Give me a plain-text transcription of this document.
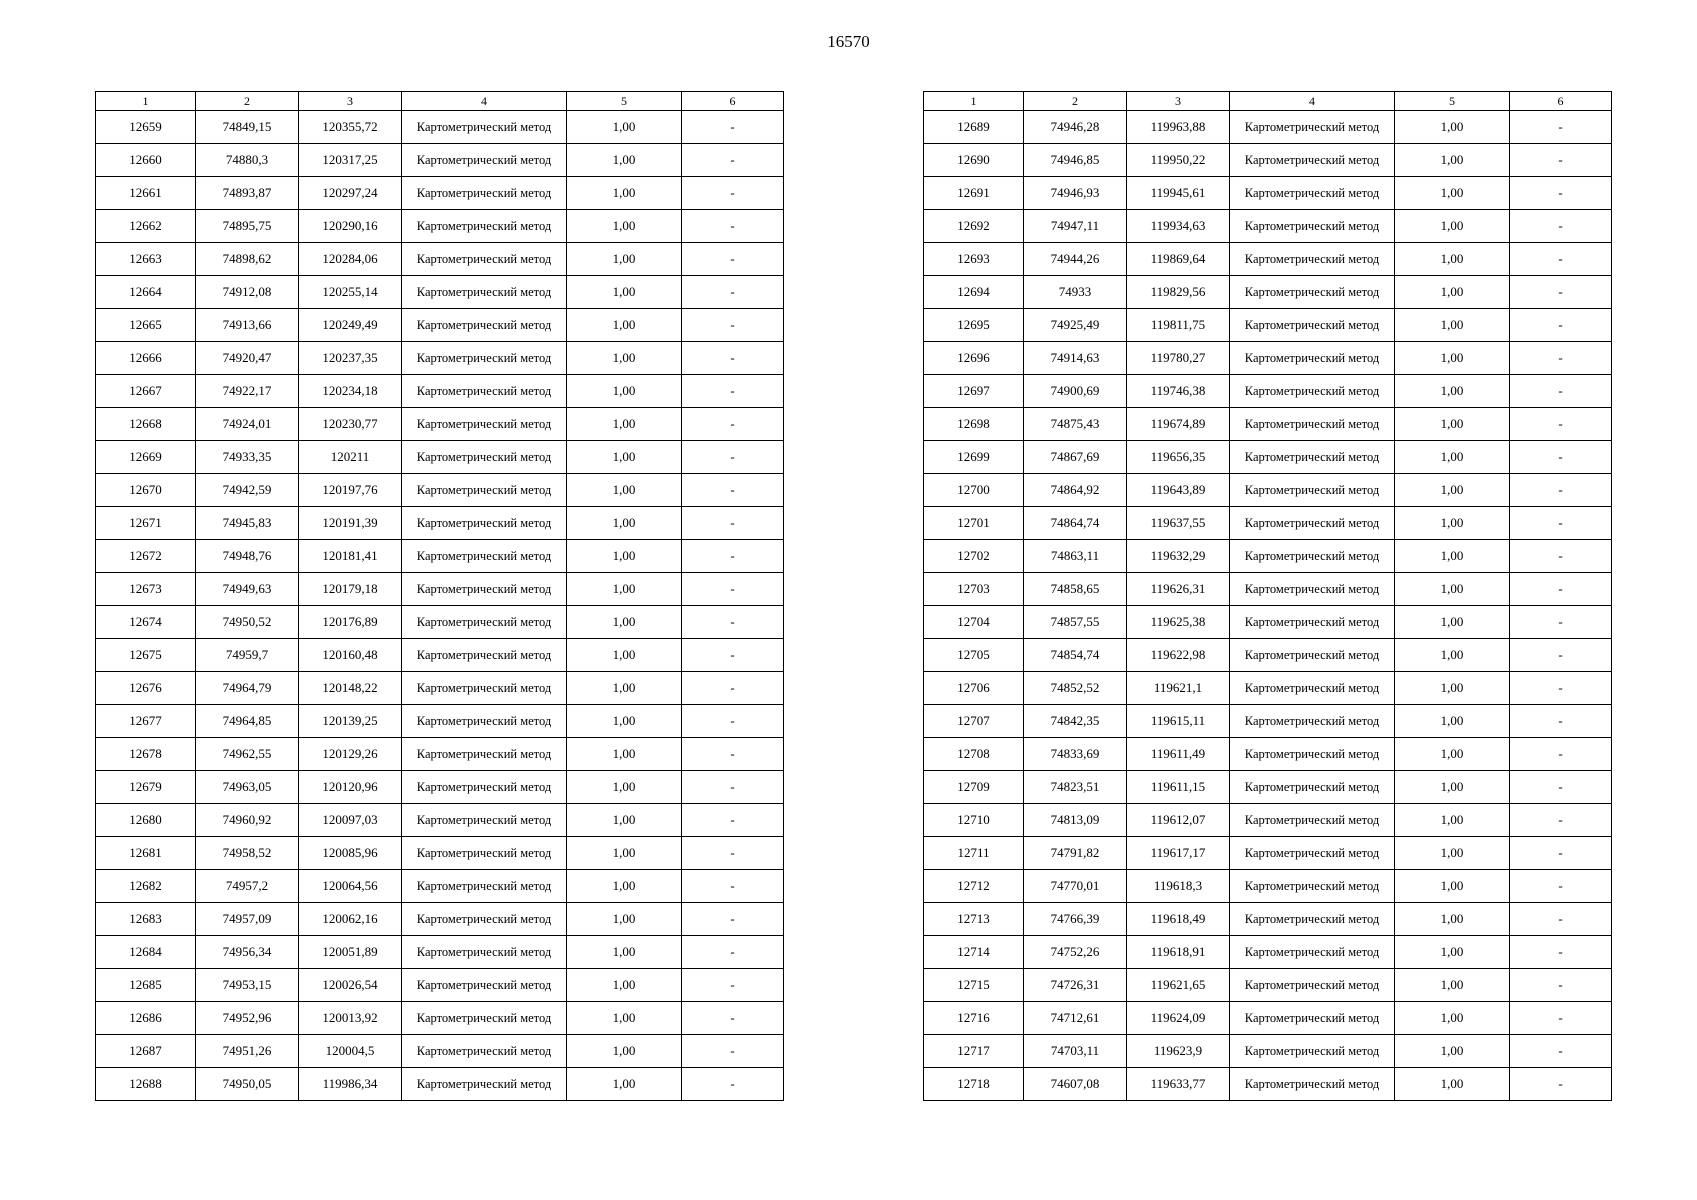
16570
1	2	3	4	5	6
12659	74849,15	120355,72	Картометрический метод	1,00	-
12660	74880,3	120317,25	Картометрический метод	1,00	-
12661	74893,87	120297,24	Картометрический метод	1,00	-
12662	74895,75	120290,16	Картометрический метод	1,00	-
12663	74898,62	120284,06	Картометрический метод	1,00	-
12664	74912,08	120255,14	Картометрический метод	1,00	-
12665	74913,66	120249,49	Картометрический метод	1,00	-
12666	74920,47	120237,35	Картометрический метод	1,00	-
12667	74922,17	120234,18	Картометрический метод	1,00	-
12668	74924,01	120230,77	Картометрический метод	1,00	-
12669	74933,35	120211	Картометрический метод	1,00	-
12670	74942,59	120197,76	Картометрический метод	1,00	-
12671	74945,83	120191,39	Картометрический метод	1,00	-
12672	74948,76	120181,41	Картометрический метод	1,00	-
12673	74949,63	120179,18	Картометрический метод	1,00	-
12674	74950,52	120176,89	Картометрический метод	1,00	-
12675	74959,7	120160,48	Картометрический метод	1,00	-
12676	74964,79	120148,22	Картометрический метод	1,00	-
12677	74964,85	120139,25	Картометрический метод	1,00	-
12678	74962,55	120129,26	Картометрический метод	1,00	-
12679	74963,05	120120,96	Картометрический метод	1,00	-
12680	74960,92	120097,03	Картометрический метод	1,00	-
12681	74958,52	120085,96	Картометрический метод	1,00	-
12682	74957,2	120064,56	Картометрический метод	1,00	-
12683	74957,09	120062,16	Картометрический метод	1,00	-
12684	74956,34	120051,89	Картометрический метод	1,00	-
12685	74953,15	120026,54	Картометрический метод	1,00	-
12686	74952,96	120013,92	Картометрический метод	1,00	-
12687	74951,26	120004,5	Картометрический метод	1,00	-
12688	74950,05	119986,34	Картометрический метод	1,00	-
1	2	3	4	5	6
12689	74946,28	119963,88	Картометрический метод	1,00	-
12690	74946,85	119950,22	Картометрический метод	1,00	-
12691	74946,93	119945,61	Картометрический метод	1,00	-
12692	74947,11	119934,63	Картометрический метод	1,00	-
12693	74944,26	119869,64	Картометрический метод	1,00	-
12694	74933	119829,56	Картометрический метод	1,00	-
12695	74925,49	119811,75	Картометрический метод	1,00	-
12696	74914,63	119780,27	Картометрический метод	1,00	-
12697	74900,69	119746,38	Картометрический метод	1,00	-
12698	74875,43	119674,89	Картометрический метод	1,00	-
12699	74867,69	119656,35	Картометрический метод	1,00	-
12700	74864,92	119643,89	Картометрический метод	1,00	-
12701	74864,74	119637,55	Картометрический метод	1,00	-
12702	74863,11	119632,29	Картометрический метод	1,00	-
12703	74858,65	119626,31	Картометрический метод	1,00	-
12704	74857,55	119625,38	Картометрический метод	1,00	-
12705	74854,74	119622,98	Картометрический метод	1,00	-
12706	74852,52	119621,1	Картометрический метод	1,00	-
12707	74842,35	119615,11	Картометрический метод	1,00	-
12708	74833,69	119611,49	Картометрический метод	1,00	-
12709	74823,51	119611,15	Картометрический метод	1,00	-
12710	74813,09	119612,07	Картометрический метод	1,00	-
12711	74791,82	119617,17	Картометрический метод	1,00	-
12712	74770,01	119618,3	Картометрический метод	1,00	-
12713	74766,39	119618,49	Картометрический метод	1,00	-
12714	74752,26	119618,91	Картометрический метод	1,00	-
12715	74726,31	119621,65	Картометрический метод	1,00	-
12716	74712,61	119624,09	Картометрический метод	1,00	-
12717	74703,11	119623,9	Картометрический метод	1,00	-
12718	74607,08	119633,77	Картометрический метод	1,00	-
